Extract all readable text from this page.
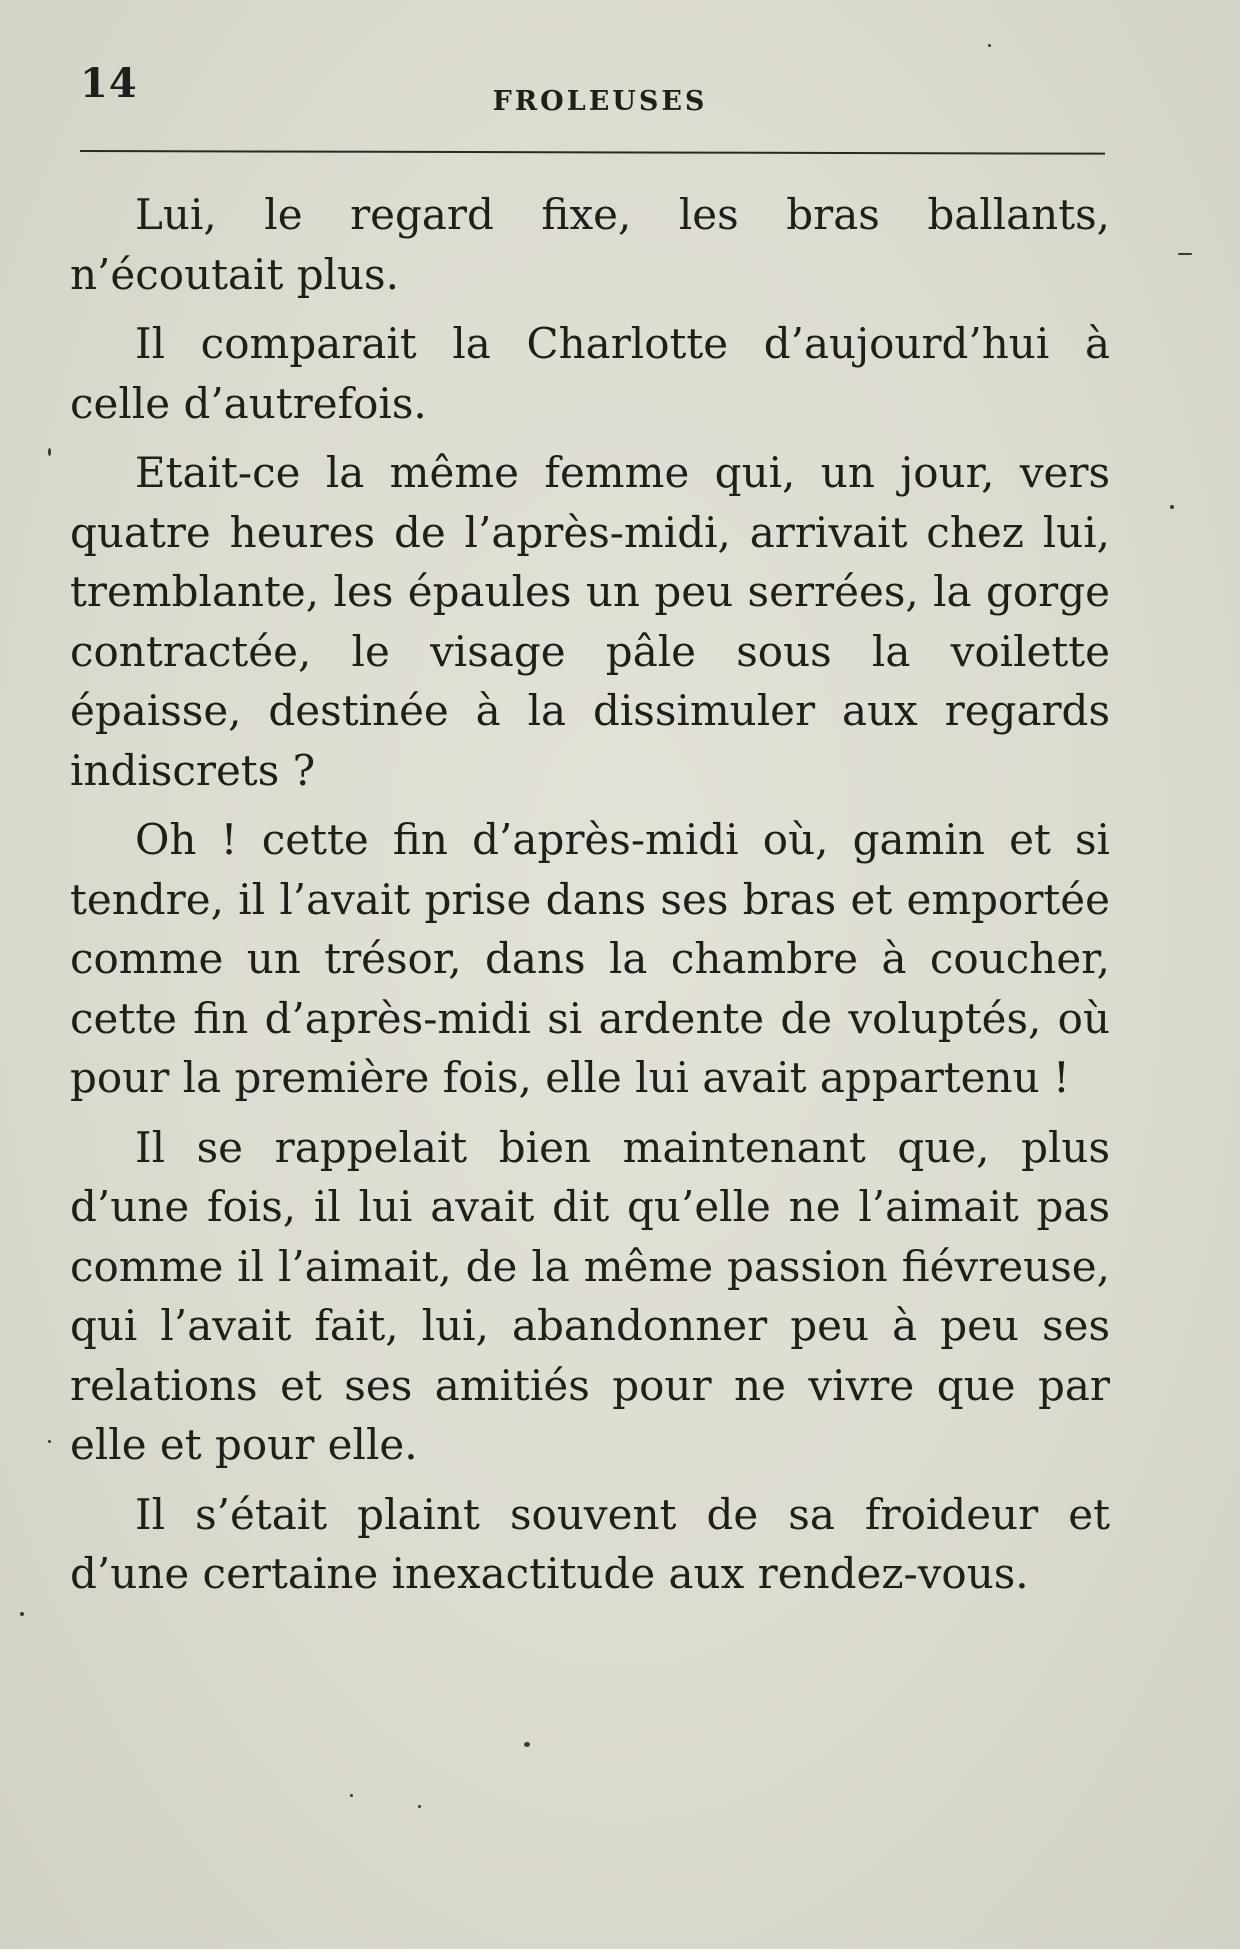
14	FROLEUSES

Lui, le regard fixe, les bras ballants, n’écoutait plus.

Il comparait la Charlotte d’aujourd’hui à celle d’autrefois.

Etait-ce la même femme qui, un jour, vers quatre heures de l’après-midi, arrivait chez lui, tremblante, les épaules un peu serrées, la gorge contractée, le visage pâle sous la voilette épaisse, destinée à la dissimuler aux regards indiscrets ?

Oh ! cette fin d’après-midi où, gamin et si tendre, il l’avait prise dans ses bras et emportée comme un trésor, dans la chambre à coucher, cette fin d’après-midi si ardente de voluptés, où pour la première fois, elle lui avait appartenu !

Il se rappelait bien maintenant que, plus d’une fois, il lui avait dit qu’elle ne l’aimait pas comme il l’aimait, de la même passion fiévreuse, qui l’avait fait, lui, abandonner peu à peu ses relations et ses amitiés pour ne vivre que par elle et pour elle.

Il s’était plaint souvent de sa froideur et d’une certaine inexactitude aux rendez-vous.
